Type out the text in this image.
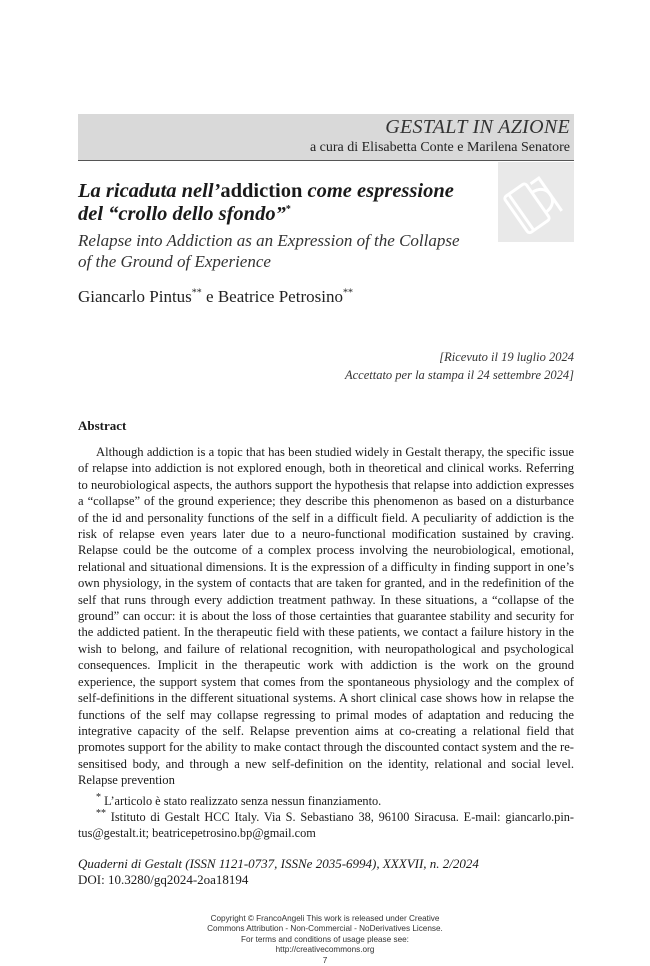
GESTALT IN AZIONE
a cura di Elisabetta Conte e Marilena Senatore
La ricaduta nell’addiction come espressione
del “crollo dello sfondo”*
Relapse into Addiction as an Expression of the Collapse
of the Ground of Experience
Giancarlo Pintus** e Beatrice Petrosino**
[Ricevuto il 19 luglio 2024
Accettato per la stampa il 24 settembre 2024]
Abstract
Although addiction is a topic that has been studied widely in Gestalt therapy, the specific issue of relapse into addiction is not explored enough, both in theoretical and clinical works. Referring to neurobiological aspects, the authors support the hypothesis that relapse into addiction expresses a “collapse” of the ground experience; they describe this phenomenon as based on a disturbance of the id and personality functions of the self in a difficult field. A peculiarity of addiction is the risk of relapse even years later due to a neuro-functional modification sustained by craving. Relapse could be the outcome of a complex process involving the neurobiological, emotional, relational and situational dimensions. It is the expression of a difficulty in finding support in one’s own physiology, in the system of contacts that are taken for granted, and in the redefinition of the self that runs through every addiction treatment pathway. In these situations, a “collapse of the ground” can occur: it is about the loss of those certainties that guarantee stability and security for the addicted patient. In the therapeutic field with these patients, we contact a failure history in the wish to belong, and failure of relational recognition, with neuropathological and psychological consequences. Implicit in the therapeutic work with addiction is the work on the ground experience, the support system that comes from the spontaneous physiology and the complex of self-definitions in the different situational systems. A short clinical case shows how in relapse the functions of the self may collapse regressing to primal modes of adaptation and reducing the integrative capacity of the self. Relapse prevention aims at co-creating a relational field that promotes support for the ability to make contact through the discounted contact system and the re-sensitised body, and through a new self-definition on the identity, relational and social level. Relapse prevention
* L’articolo è stato realizzato senza nessun finanziamento.
** Istituto di Gestalt HCC Italy. Via S. Sebastiano 38, 96100 Siracusa. E-mail: giancarlo.pintus@gestalt.it; beatricepetrosino.bp@gmail.com
Quaderni di Gestalt (ISSN 1121-0737, ISSNe 2035-6994), XXXVII, n. 2/2024
DOI: 10.3280/gq2024-2oa18194
Copyright © FrancoAngeli This work is released under Creative
Commons Attribution - Non-Commercial - NoDerivatives License.
For terms and conditions of usage please see:
http://creativecommons.org
7
